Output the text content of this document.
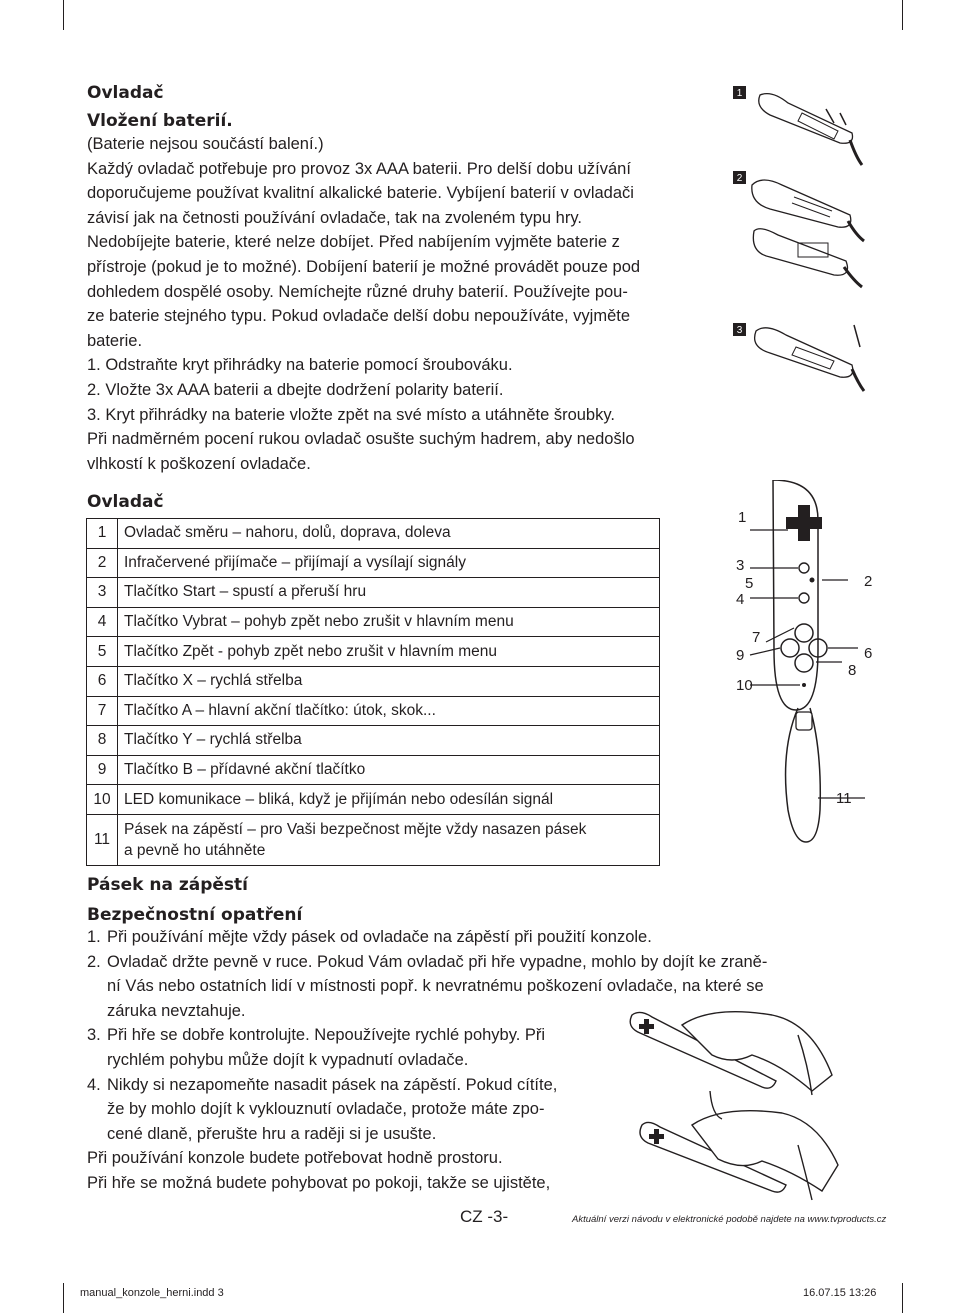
Ovladač
Vložení baterií.
(Baterie nejsou součástí balení.)
Každý ovladač potřebuje pro provoz 3x AAA baterii. Pro delší dobu užívání
doporučujeme používat kvalitní alkalické baterie. Vybíjení baterií v ovladači
závisí jak na četnosti používání ovladače, tak na zvoleném typu hry.
Nedobíjejte baterie, které nelze dobíjet. Před nabíjením vyjměte baterie z
přístroje (pokud je to možné). Dobíjení baterií je možné provádět pouze pod
dohledem dospělé osoby. Nemíchejte různé druhy baterií. Používejte pou-
ze baterie stejného typu. Pokud ovladače delší dobu nepoužíváte, vyjměte
baterie.
1. Odstraňte kryt přihrádky na baterie pomocí šroubováku.
2. Vložte 3x AAA baterii a dbejte dodržení polarity baterií.
3. Kryt přihrádky na baterie vložte zpět na své místo a utáhněte šroubky.
Při nadměrném pocení rukou ovladač osušte suchým hadrem, aby nedošlo
vlhkostí k poškození ovladače.
Ovladač
1	Ovladač směru – nahoru, dolů, doprava, doleva
2	Infračervené přijímače – přijímají a vysílají signály
3	Tlačítko Start – spustí a přeruší hru
4	Tlačítko Vybrat – pohyb zpět nebo zrušit v hlavním menu
5	Tlačítko Zpět - pohyb zpět nebo zrušit v hlavním menu
6	Tlačítko X – rychlá střelba
7	Tlačítko A – hlavní akční tlačítko: útok, skok...
8	Tlačítko Y – rychlá střelba
9	Tlačítko B – přídavné akční tlačítko
10	LED komunikace – bliká, když je přijímán nebo odesílán signál
11	Pásek na zápěstí – pro Vaši bezpečnost mějte vždy nasazen pásek
a pevně ho utáhněte
Pásek na zápěstí
Bezpečnostní opatření
1. Při používání mějte vždy pásek od ovladače na zápěstí při použití konzole.
2. Ovladač držte pevně v ruce. Pokud Vám ovladač při hře vypadne, mohlo by dojít ke zraně-
ní Vás nebo ostatních lidí v místnosti popř. k nevratnému poškození ovladače, na které se
záruka nevztahuje.
3. Při hře se dobře kontrolujte. Nepoužívejte rychlé pohyby. Při
rychlém pohybu může dojít k vypadnutí ovladače.
4. Nikdy si nezapomeňte nasadit pásek na zápěstí. Pokud cítíte,
že by mohlo dojít k vyklouznutí ovladače, protože máte zpo-
cené dlaně, přerušte hru a raději si je usušte.
Při používání konzole budete potřebovat hodně prostoru.
Při hře se možná budete pohybovat po pokoji, takže se ujistěte,
1
2
3
1
2
3
4
5
6
7
8
9
10
11
CZ -3-	Aktuální verzi návodu v elektronické podobě najdete na www.tvproducts.cz
manual_konzole_herni.indd 3	16.07.15 13:26
